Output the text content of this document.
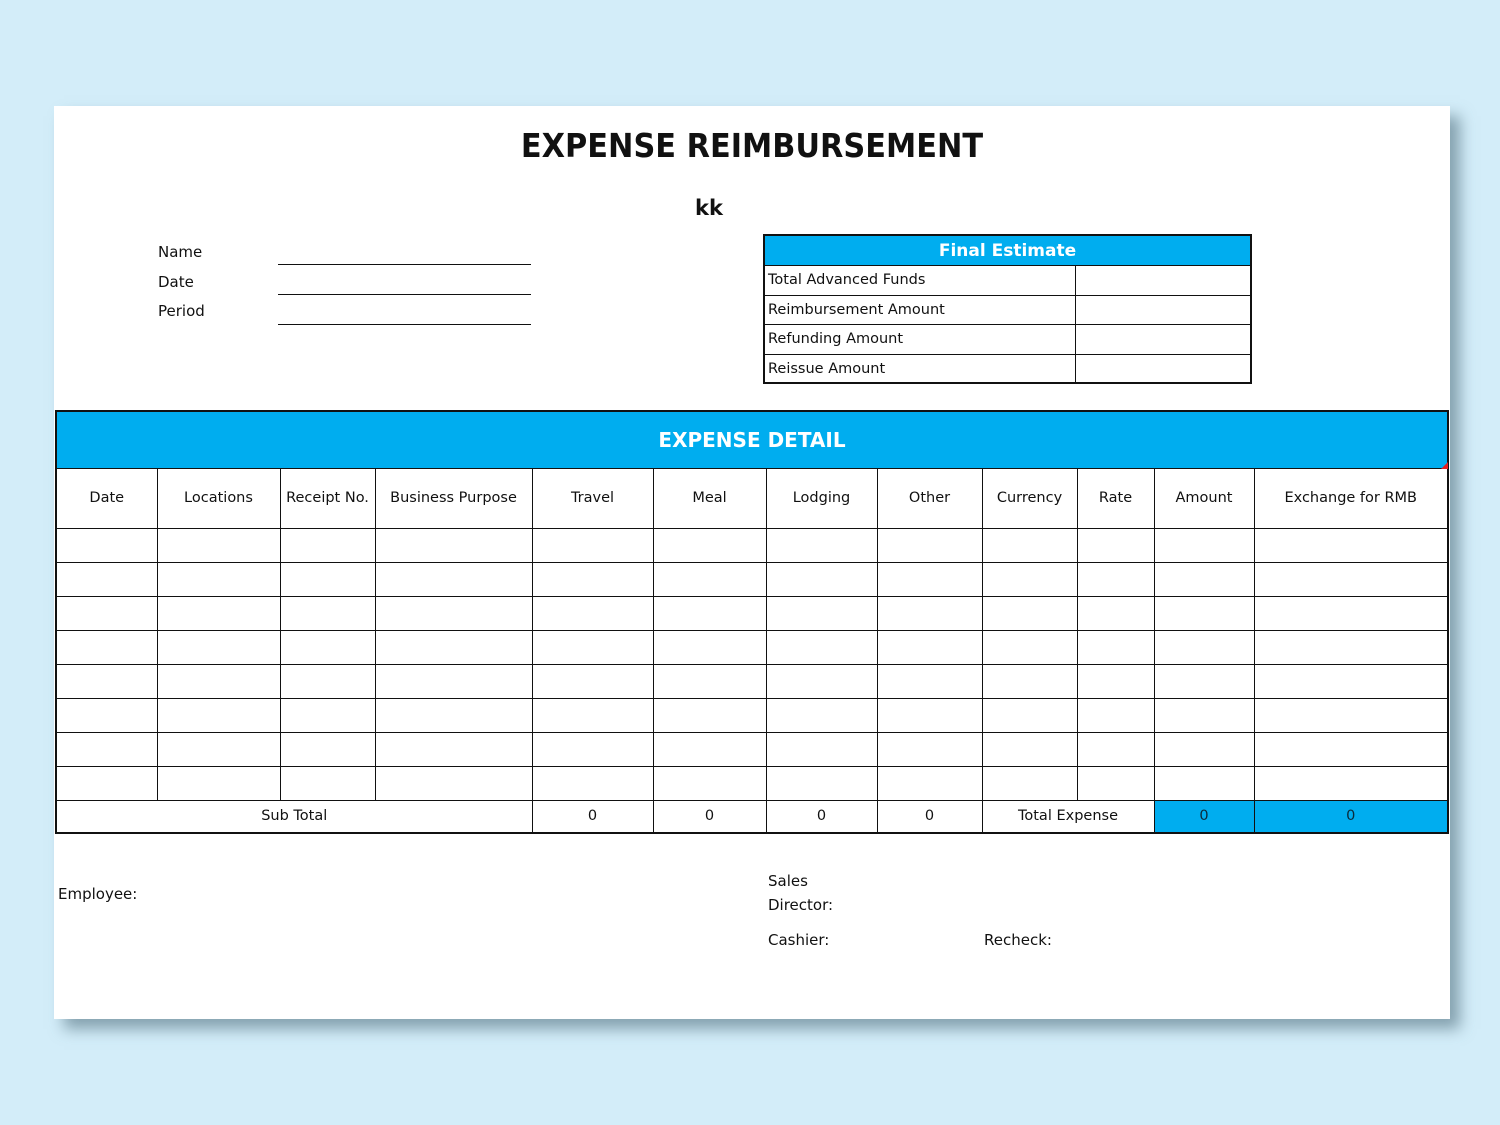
EXPENSE REIMBURSEMENT
kk
Name
Date
Period
Final Estimate
Total Advanced Funds
Reimbursement Amount
Refunding Amount
Reissue Amount
EXPENSE DETAIL
Date	Locations	Receipt No.	Business Purpose	Travel	Meal	Lodging	Other	Currency	Rate	Amount	Exchange for RMB

Sub Total				0	0	0	0	Total Expense		0	0
Employee:
Sales
Director:
Cashier:	Recheck:
